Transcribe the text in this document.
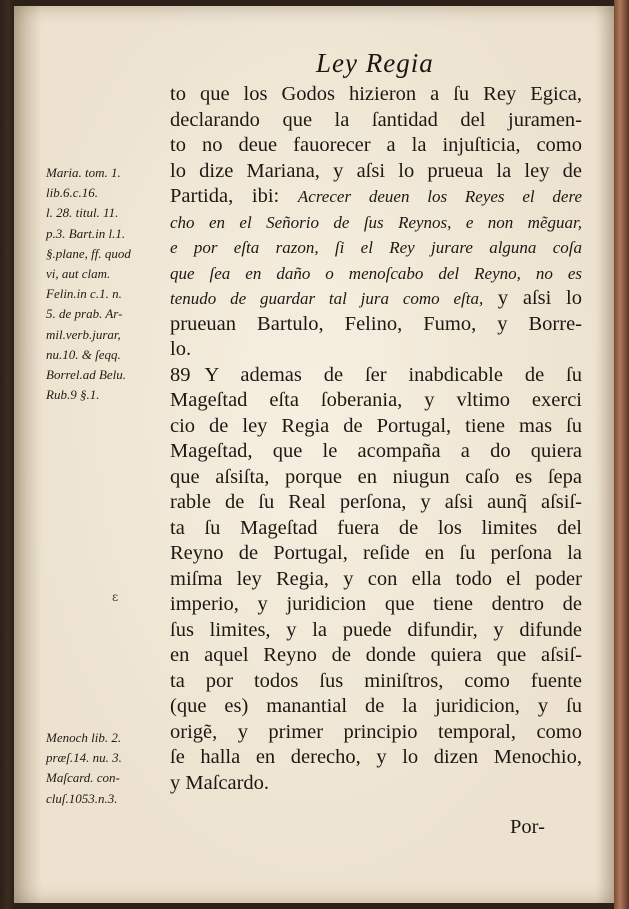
Ley Regia
to que los Godos hizieron a ſu Rey Egica,
declarando que la ſantidad del juramen-
to no deue fauorecer a la injuſticia, como
lo dize Mariana, y aſsi lo prueua la ley de
Partida, ibi: Acrecer deuen los Reyes el dere
cho en el Señorio de ſus Reynos, e non mẽguar,
e por eſta razon, ſi el Rey jurare alguna coſa
que ſea en daño o menoſcabo del Reyno, no es
tenudo de guardar tal jura como eſta, y aſsi lo
prueuan Bartulo, Felino, Fumo, y Borre-
lo.
89 Y ademas de ſer inabdicable de ſu
Mageſtad eſta ſoberania, y vltimo exerci
cio de ley Regia de Portugal, tiene mas ſu
Mageſtad, que le acompaña a do quiera
que aſsiſta, porque en niugun caſo es ſepa
rable de ſu Real perſona, y aſsi aunq̃ aſsiſ-
ta ſu Mageſtad fuera de los limites del
Reyno de Portugal, reſide en ſu perſona la
miſma ley Regia, y con ella todo el poder
imperio, y juridicion que tiene dentro de
ſus limites, y la puede difundir, y difunde
en aquel Reyno de donde quiera que aſsiſ-
ta por todos ſus miniſtros, como fuente
(que es) manantial de la juridicion, y ſu
origẽ, y primer principio temporal, como
ſe halla en derecho, y lo dizen Menochio,
y Maſcardo.
Por-
Maria. tom. 1.
lib.6.c.16.
l. 28. titul. 11.
p.3. Bart.in l.1.
§.plane, ff. quod
vi, aut clam.
Felin.in c.1. n.
5. de prab. Ar-
mil.verb.jurar,
nu.10. & ſeqq.
Borrel.ad Belu.
Rub.9 §.1.
Menoch lib. 2.
præſ.14. nu. 3.
Maſcard. con-
cluſ.1053.n.3.
ε
